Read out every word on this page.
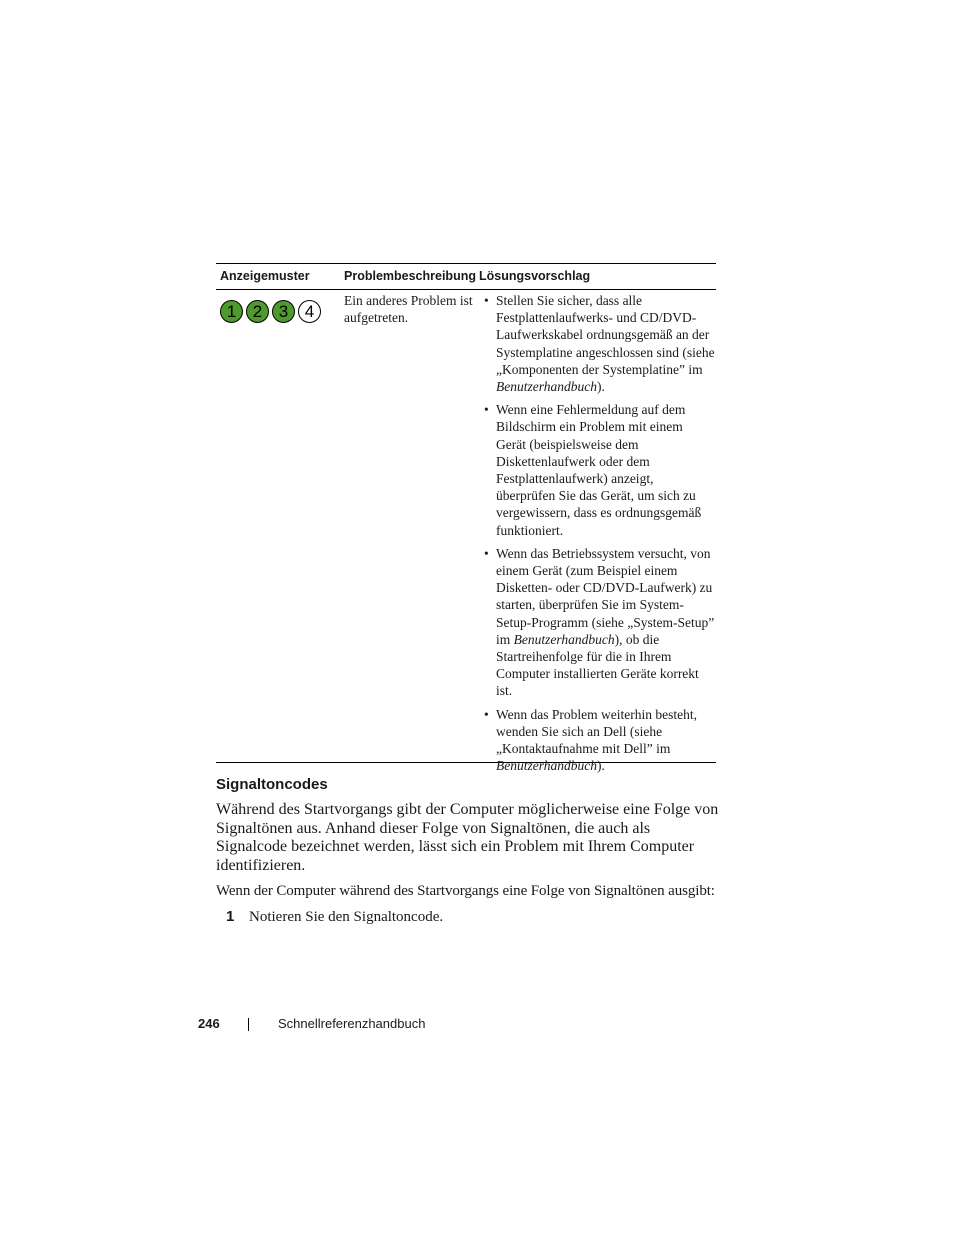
Anzeigemuster	Problembeschreibung Lösungsvorschlag
1 2 3 4
Ein anderes Problem ist aufgetreten.
• Stellen Sie sicher, dass alle Festplattenlaufwerks- und CD/DVD-Laufwerkskabel ordnungsgemäß an der Systemplatine angeschlossen sind (siehe „Komponenten der Systemplatine” im Benutzerhandbuch).
• Wenn eine Fehlermeldung auf dem Bildschirm ein Problem mit einem Gerät (beispielsweise dem Diskettenlaufwerk oder dem Festplattenlaufwerk) anzeigt, überprüfen Sie das Gerät, um sich zu vergewissern, dass es ordnungsgemäß funktioniert.
• Wenn das Betriebssystem versucht, von einem Gerät (zum Beispiel einem Disketten- oder CD/DVD-Laufwerk) zu starten, überprüfen Sie im System-Setup-Programm (siehe „System-Setup” im Benutzerhandbuch), ob die Startreihenfolge für die in Ihrem Computer installierten Geräte korrekt ist.
• Wenn das Problem weiterhin besteht, wenden Sie sich an Dell (siehe „Kontaktaufnahme mit Dell” im Benutzerhandbuch).
Signaltoncodes

Während des Startvorgangs gibt der Computer möglicherweise eine Folge von Signaltönen aus. Anhand dieser Folge von Signaltönen, die auch als Signalcode bezeichnet werden, lässt sich ein Problem mit Ihrem Computer identifizieren.

Wenn der Computer während des Startvorgangs eine Folge von Signaltönen ausgibt:

1 Notieren Sie den Signaltoncode.
246	Schnellreferenzhandbuch
